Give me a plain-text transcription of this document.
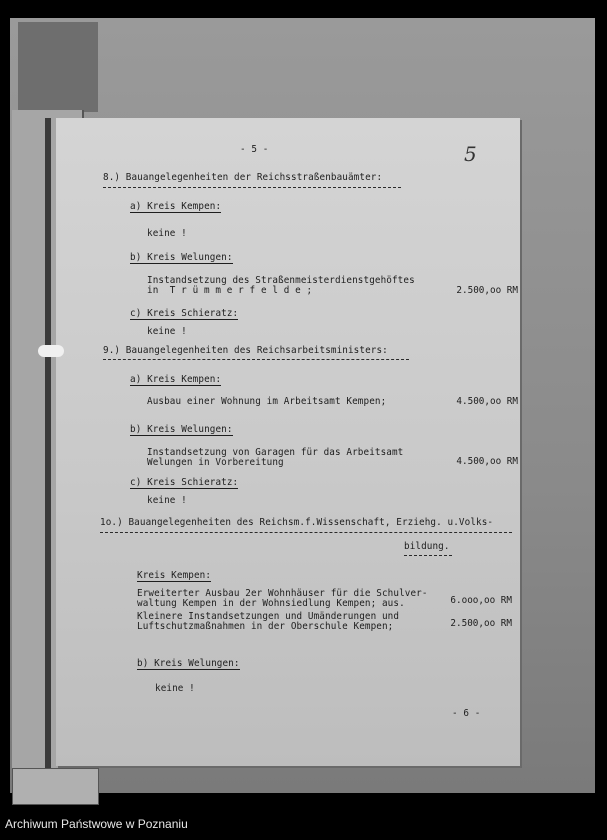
5
- 5 -
8.) Bauangelegenheiten der Reichsstraßenbauämter:
a) Kreis Kempen:
keine !
b) Kreis Welungen:
Instandsetzung des Straßenmeisterdienstgehöftes
in  T r ü m m e r f e l d e ;	2.500,oo RM
c) Kreis Schieratz:
keine !
9.) Bauangelegenheiten des Reichsarbeitsministers:
a) Kreis Kempen:
Ausbau einer Wohnung im Arbeitsamt Kempen;	4.500,oo RM
b) Kreis Welungen:
Instandsetzung von Garagen für das Arbeitsamt
Welungen in Vorbereitung	4.500,oo RM
c) Kreis Schieratz:
keine !
1o.) Bauangelegenheiten des Reichsm.f.Wissenschaft, Erziehg. u.Volks-
bildung.
Kreis Kempen:
Erweiterter Ausbau 2er Wohnhäuser für die Schulver-
waltung Kempen in der Wohnsiedlung Kempen; aus.	6.ooo,oo RM
Kleinere Instandsetzungen und Umänderungen und
Luftschutzmaßnahmen in der Oberschule Kempen;	2.500,oo RM
b) Kreis Welungen:
keine !
- 6 -
Archiwum Państwowe w Poznaniu
